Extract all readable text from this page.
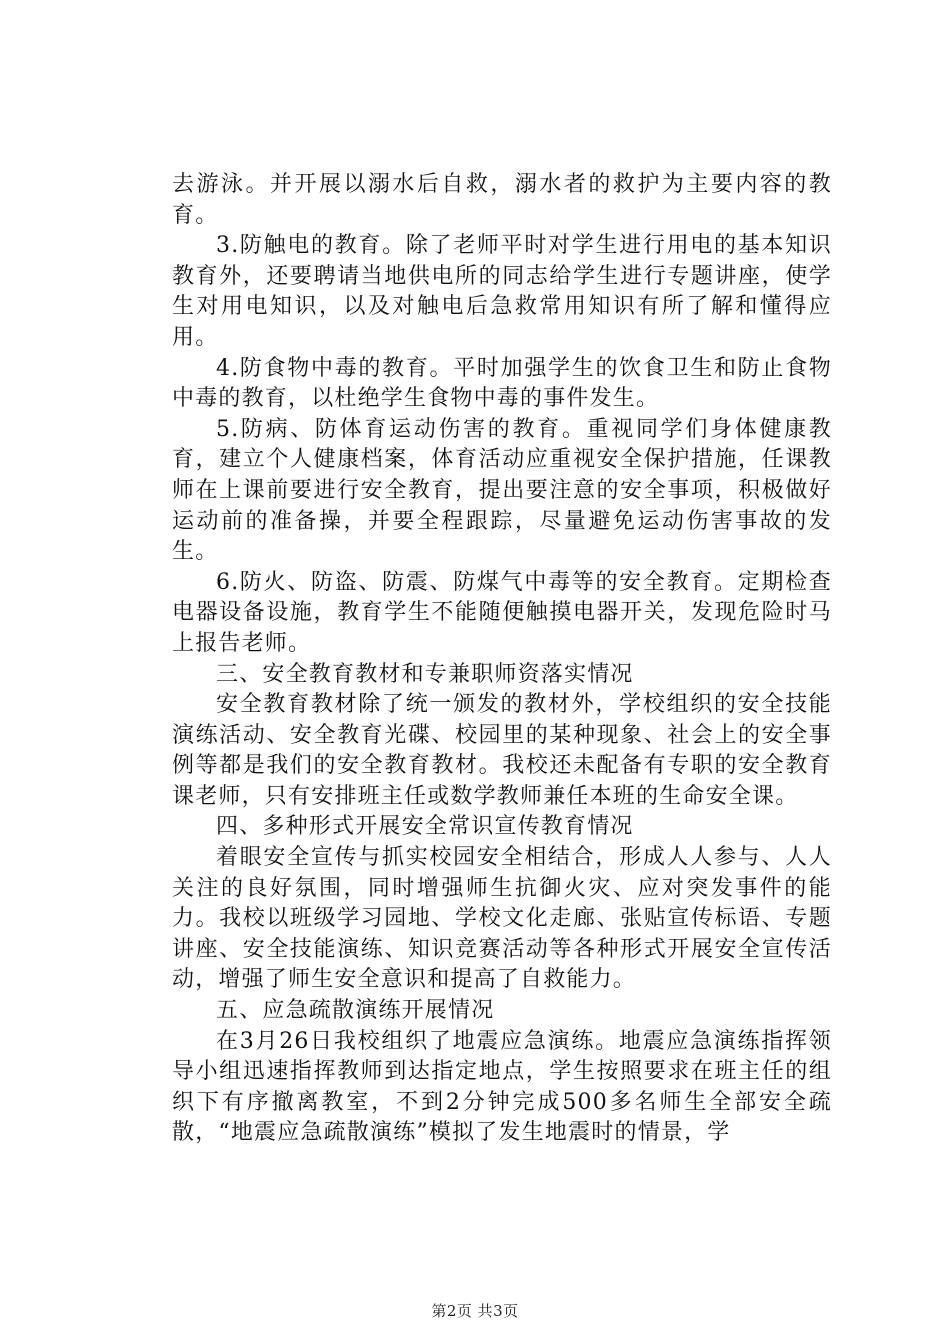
去游泳。并开展以溺水后自救，溺水者的救护为主要内容的教育。

3.防触电的教育。除了老师平时对学生进行用电的基本知识教育外，还要聘请当地供电所的同志给学生进行专题讲座，使学生对用电知识，以及对触电后急救常用知识有所了解和懂得应用。

4.防食物中毒的教育。平时加强学生的饮食卫生和防止食物中毒的教育，以杜绝学生食物中毒的事件发生。

5.防病、防体育运动伤害的教育。重视同学们身体健康教育，建立个人健康档案，体育活动应重视安全保护措施，任课教师在上课前要进行安全教育，提出要注意的安全事项，积极做好运动前的准备操，并要全程跟踪，尽量避免运动伤害事故的发生。

6.防火、防盗、防震、防煤气中毒等的安全教育。定期检查电器设备设施，教育学生不能随便触摸电器开关，发现危险时马上报告老师。

三、安全教育教材和专兼职师资落实情况

安全教育教材除了统一颁发的教材外，学校组织的安全技能演练活动、安全教育光碟、校园里的某种现象、社会上的安全事例等都是我们的安全教育教材。我校还未配备有专职的安全教育课老师，只有安排班主任或数学教师兼任本班的生命安全课。

四、多种形式开展安全常识宣传教育情况

着眼安全宣传与抓实校园安全相结合，形成人人参与、人人关注的良好氛围，同时增强师生抗御火灾、应对突发事件的能力。我校以班级学习园地、学校文化走廊、张贴宣传标语、专题讲座、安全技能演练、知识竞赛活动等各种形式开展安全宣传活动，增强了师生安全意识和提高了自救能力。

五、应急疏散演练开展情况

在3月26日我校组织了地震应急演练。地震应急演练指挥领导小组迅速指挥教师到达指定地点，学生按照要求在班主任的组织下有序撤离教室，不到2分钟完成500多名师生全部安全疏散，“地震应急疏散演练”模拟了发生地震时的情景，学

第2页 共3页
